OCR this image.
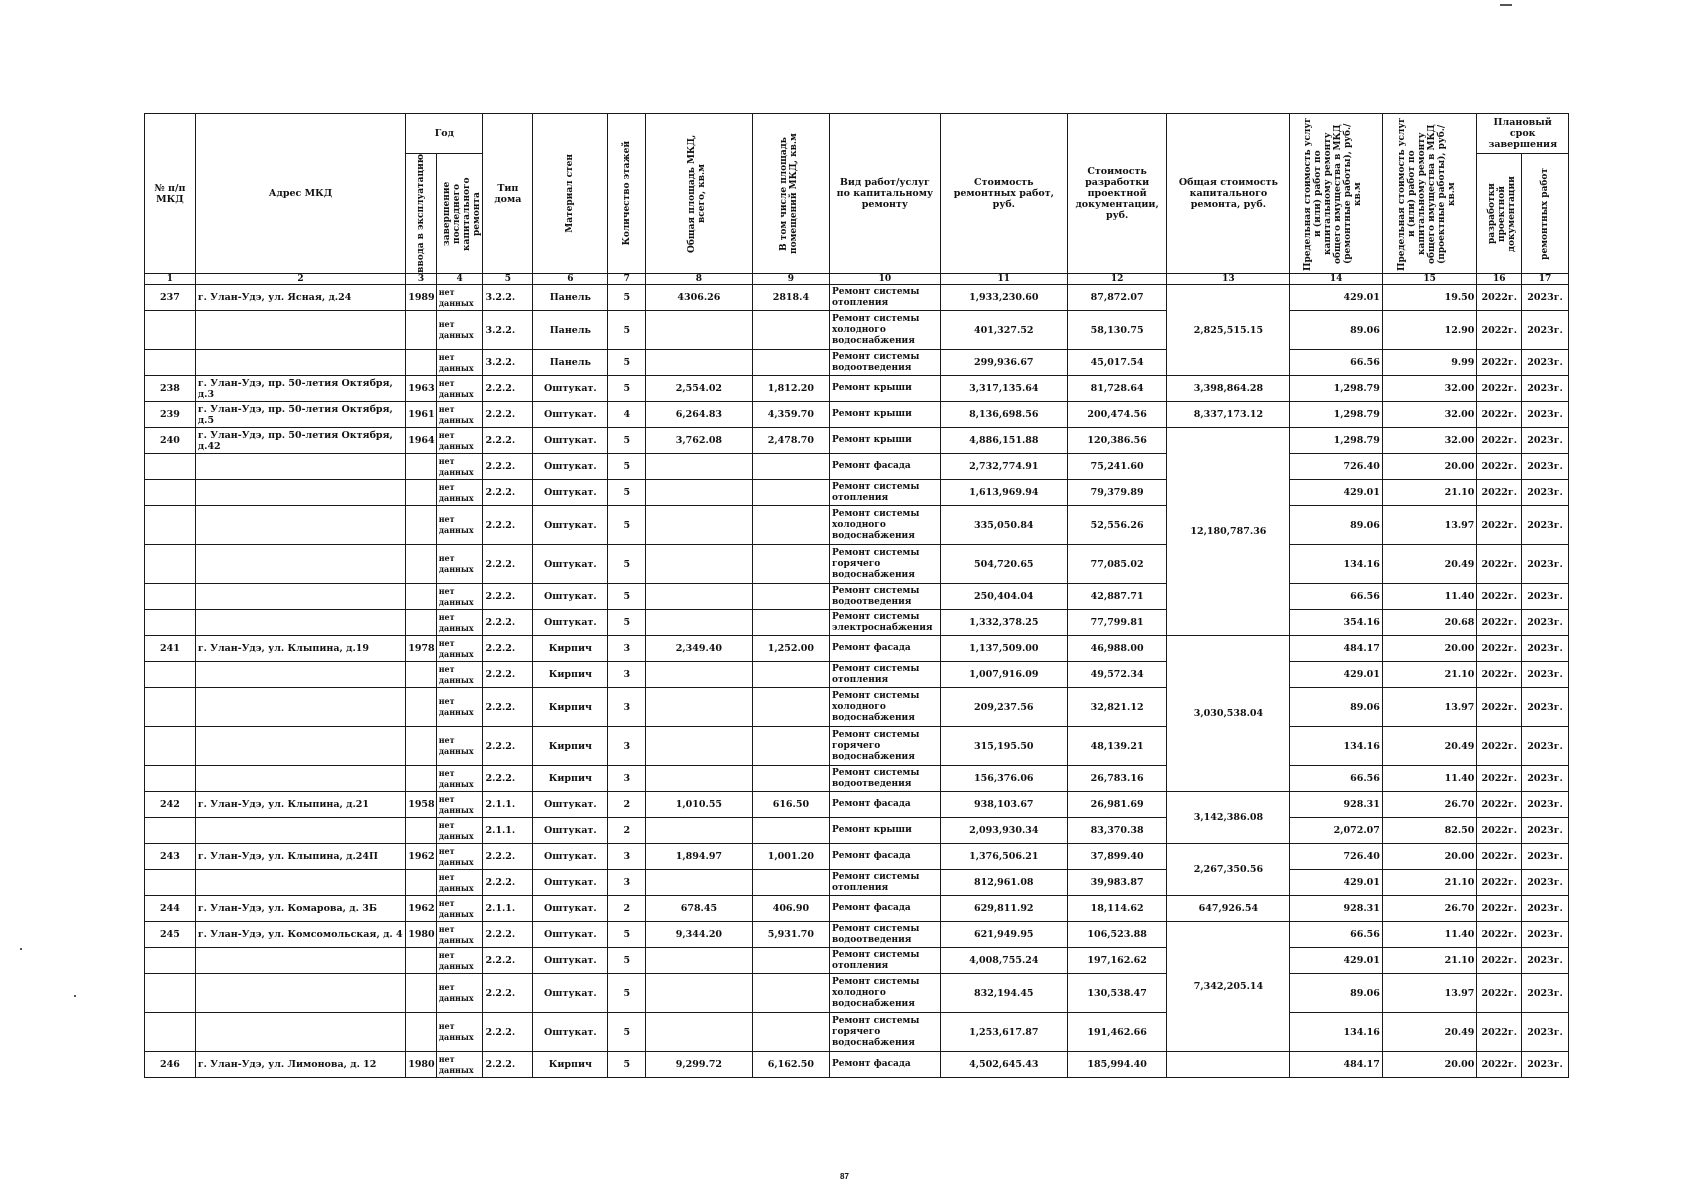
№ п/п МКД	Адрес МКД	Год		Тип дома	Материал стен	Количество этажей	Общая площадь МКД, всего, кв.м	В том числе площадь помещений МКД, кв.м	Вид работ/услуг по капитальному ремонту	Стоимость ремонтных работ, руб.	Стоимость разработки проектной документации, руб.	Общая стоимость капитального ремонта, руб.	Предельная стоимость услуг и (или) работ по капитальному ремонту общего имущества в МКД (ремонтные работы), руб./кв.м	Предельная стоимость услуг и (или) работ по капитальному ремонту общего имущества в МКД (проектные работы), руб./кв.м	Плановый срок завершения	

		ввода в эксплуатацию	завершение последнего капитального ремонта												разработки проектной документации	ремонтных работ

1	2	3	4	5	6	7	8	9	10	11	12	13	14	15	16	17
237	г. Улан-Удэ, ул. Ясная, д.24	1989	нет данных	3.2.2.	Панель	5	4306.26	2818.4	Ремонт системы отопления	1,933,230.60	87,872.07	2,825,515.15	429.01	19.50	2022г.	2023г.
			нет данных	3.2.2.	Панель	5			Ремонт системы холодного водоснабжения	401,327.52	58,130.75		89.06	12.90	2022г.	2023г.
			нет данных	3.2.2.	Панель	5			Ремонт системы водоотведения	299,936.67	45,017.54		66.56	9.99	2022г.	2023г.
238	г. Улан-Удэ, пр. 50-летия Октября, д.3	1963	нет данных	2.2.2.	Оштукат.	5	2,554.02	1,812.20	Ремонт крыши	3,317,135.64	81,728.64	3,398,864.28	1,298.79	32.00	2022г.	2023г.
239	г. Улан-Удэ, пр. 50-летия Октября, д.5	1961	нет данных	2.2.2.	Оштукат.	4	6,264.83	4,359.70	Ремонт крыши	8,136,698.56	200,474.56	8,337,173.12	1,298.79	32.00	2022г.	2023г.
240	г. Улан-Удэ, пр. 50-летия Октября, д.42	1964	нет данных	2.2.2.	Оштукат.	5	3,762.08	2,478.70	Ремонт крыши	4,886,151.88	120,386.56	12,180,787.36	1,298.79	32.00	2022г.	2023г.
			нет данных	2.2.2.	Оштукат.	5			Ремонт фасада	2,732,774.91	75,241.60		726.40	20.00	2022г.	2023г.
			нет данных	2.2.2.	Оштукат.	5			Ремонт системы отопления	1,613,969.94	79,379.89		429.01	21.10	2022г.	2023г.
			нет данных	2.2.2.	Оштукат.	5			Ремонт системы холодного водоснабжения	335,050.84	52,556.26		89.06	13.97	2022г.	2023г.
			нет данных	2.2.2.	Оштукат.	5			Ремонт системы горячего водоснабжения	504,720.65	77,085.02		134.16	20.49	2022г.	2023г.
			нет данных	2.2.2.	Оштукат.	5			Ремонт системы водоотведения	250,404.04	42,887.71		66.56	11.40	2022г.	2023г.
			нет данных	2.2.2.	Оштукат.	5			Ремонт системы электроснабжения	1,332,378.25	77,799.81		354.16	20.68	2022г.	2023г.
241	г. Улан-Удэ, ул. Клыпина, д.19	1978	нет данных	2.2.2.	Кирпич	3	2,349.40	1,252.00	Ремонт фасада	1,137,509.00	46,988.00	3,030,538.04	484.17	20.00	2022г.	2023г.
			нет данных	2.2.2.	Кирпич	3			Ремонт системы отопления	1,007,916.09	49,572.34		429.01	21.10	2022г.	2023г.
			нет данных	2.2.2.	Кирпич	3			Ремонт системы холодного водоснабжения	209,237.56	32,821.12		89.06	13.97	2022г.	2023г.
			нет данных	2.2.2.	Кирпич	3			Ремонт системы горячего водоснабжения	315,195.50	48,139.21		134.16	20.49	2022г.	2023г.
			нет данных	2.2.2.	Кирпич	3			Ремонт системы водоотведения	156,376.06	26,783.16		66.56	11.40	2022г.	2023г.
242	г. Улан-Удэ, ул. Клыпина, д.21	1958	нет данных	2.1.1.	Оштукат.	2	1,010.55	616.50	Ремонт фасада	938,103.67	26,981.69	3,142,386.08	928.31	26.70	2022г.	2023г.
			нет данных	2.1.1.	Оштукат.	2			Ремонт крыши	2,093,930.34	83,370.38		2,072.07	82.50	2022г.	2023г.
243	г. Улан-Удэ, ул. Клыпина, д.24П	1962	нет данных	2.2.2.	Оштукат.	3	1,894.97	1,001.20	Ремонт фасада	1,376,506.21	37,899.40	2,267,350.56	726.40	20.00	2022г.	2023г.
			нет данных	2.2.2.	Оштукат.	3			Ремонт системы отопления	812,961.08	39,983.87		429.01	21.10	2022г.	2023г.
244	г. Улан-Удэ, ул. Комарова, д. 3Б	1962	нет данных	2.1.1.	Оштукат.	2	678.45	406.90	Ремонт фасада	629,811.92	18,114.62	647,926.54	928.31	26.70	2022г.	2023г.
245	г. Улан-Удэ, ул. Комсомольская, д. 4	1980	нет данных	2.2.2.	Оштукат.	5	9,344.20	5,931.70	Ремонт системы водоотведения	621,949.95	106,523.88	7,342,205.14	66.56	11.40	2022г.	2023г.
			нет данных	2.2.2.	Оштукат.	5			Ремонт системы отопления	4,008,755.24	197,162.62		429.01	21.10	2022г.	2023г.
			нет данных	2.2.2.	Оштукат.	5			Ремонт системы холодного водоснабжения	832,194.45	130,538.47		89.06	13.97	2022г.	2023г.
			нет данных	2.2.2.	Оштукат.	5			Ремонт системы горячего водоснабжения	1,253,617.87	191,462.66		134.16	20.49	2022г.	2023г.
246	г. Улан-Удэ, ул. Лимонова, д. 12	1980	нет данных	2.2.2.	Кирпич	5	9,299.72	6,162.50	Ремонт фасада	4,502,645.43	185,994.40		484.17	20.00	2022г.	2023г.
87
